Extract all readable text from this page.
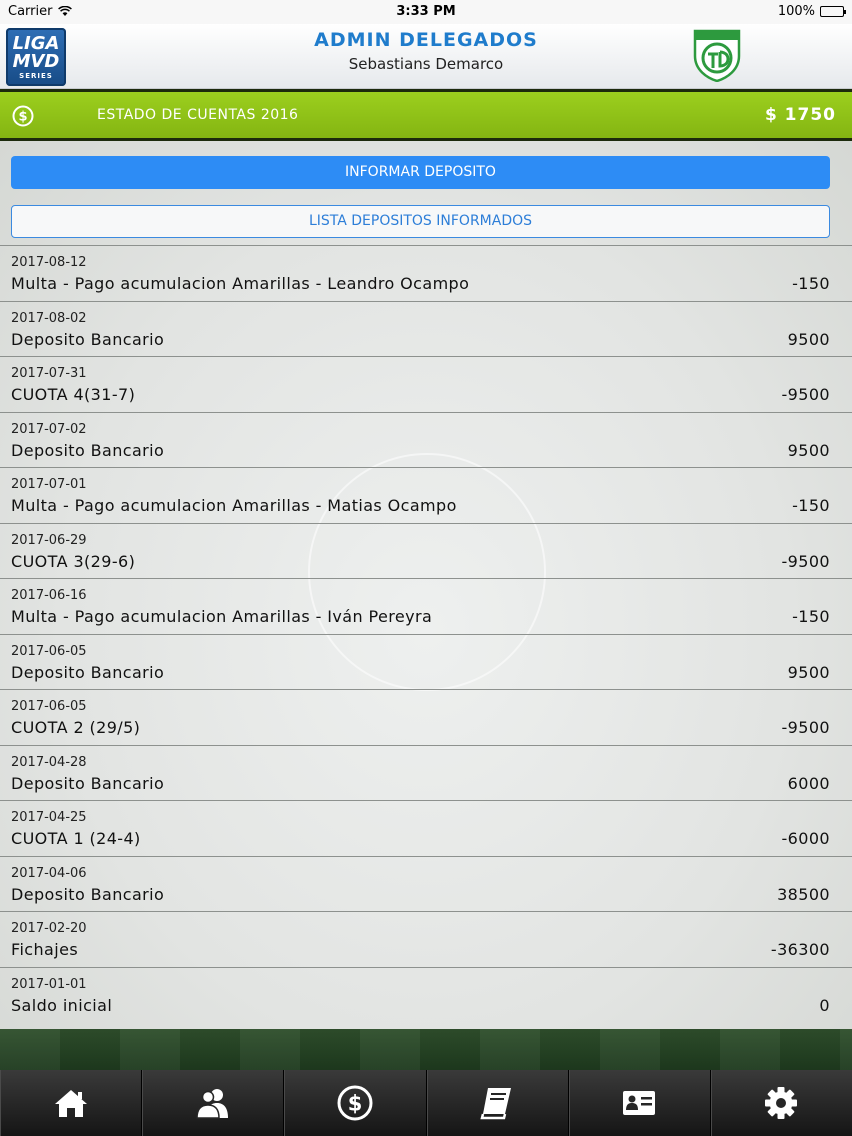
Carrier	3:33 PM	100%
LIGA
MVD
SERIES
ADMIN DELEGADOS
Sebastians Demarco
$	ESTADO DE CUENTAS 2016	$ 1750
INFORMAR DEPOSITO
LISTA DEPOSITOS INFORMADOS
2017-08-12
Multa - Pago acumulacion Amarillas - Leandro Ocampo	-150
2017-08-02
Deposito Bancario	9500
2017-07-31
CUOTA 4(31-7)	-9500
2017-07-02
Deposito Bancario	9500
2017-07-01
Multa - Pago acumulacion Amarillas - Matias Ocampo	-150
2017-06-29
CUOTA 3(29-6)	-9500
2017-06-16
Multa - Pago acumulacion Amarillas - Iván Pereyra	-150
2017-06-05
Deposito Bancario	9500
2017-06-05
CUOTA 2 (29/5)	-9500
2017-04-28
Deposito Bancario	6000
2017-04-25
CUOTA 1 (24-4)	-6000
2017-04-06
Deposito Bancario	38500
2017-02-20
Fichajes	-36300
2017-01-01
Saldo inicial	0
$
